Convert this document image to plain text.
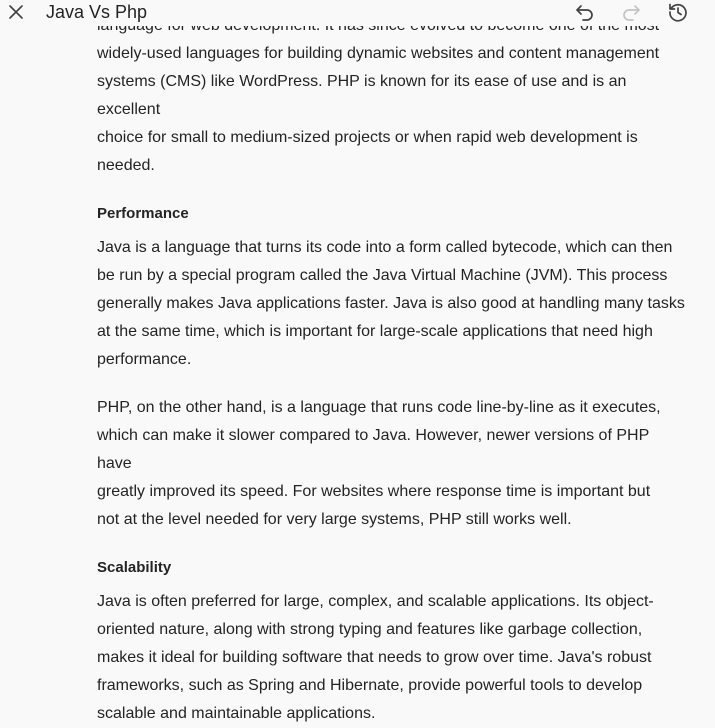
Java Vs Php
widely-used languages for building dynamic websites and content management
systems (CMS) like WordPress. PHP is known for its ease of use and is an excellent
choice for small to medium-sized projects or when rapid web development is
needed.
Performance
Java is a language that turns its code into a form called bytecode, which can then
be run by a special program called the Java Virtual Machine (JVM). This process
generally makes Java applications faster. Java is also good at handling many tasks
at the same time, which is important for large-scale applications that need high
performance.
PHP, on the other hand, is a language that runs code line-by-line as it executes,
which can make it slower compared to Java. However, newer versions of PHP have
greatly improved its speed. For websites where response time is important but
not at the level needed for very large systems, PHP still works well.
Scalability
Java is often preferred for large, complex, and scalable applications. Its object-
oriented nature, along with strong typing and features like garbage collection,
makes it ideal for building software that needs to grow over time. Java's robust
frameworks, such as Spring and Hibernate, provide powerful tools to develop
scalable and maintainable applications.
